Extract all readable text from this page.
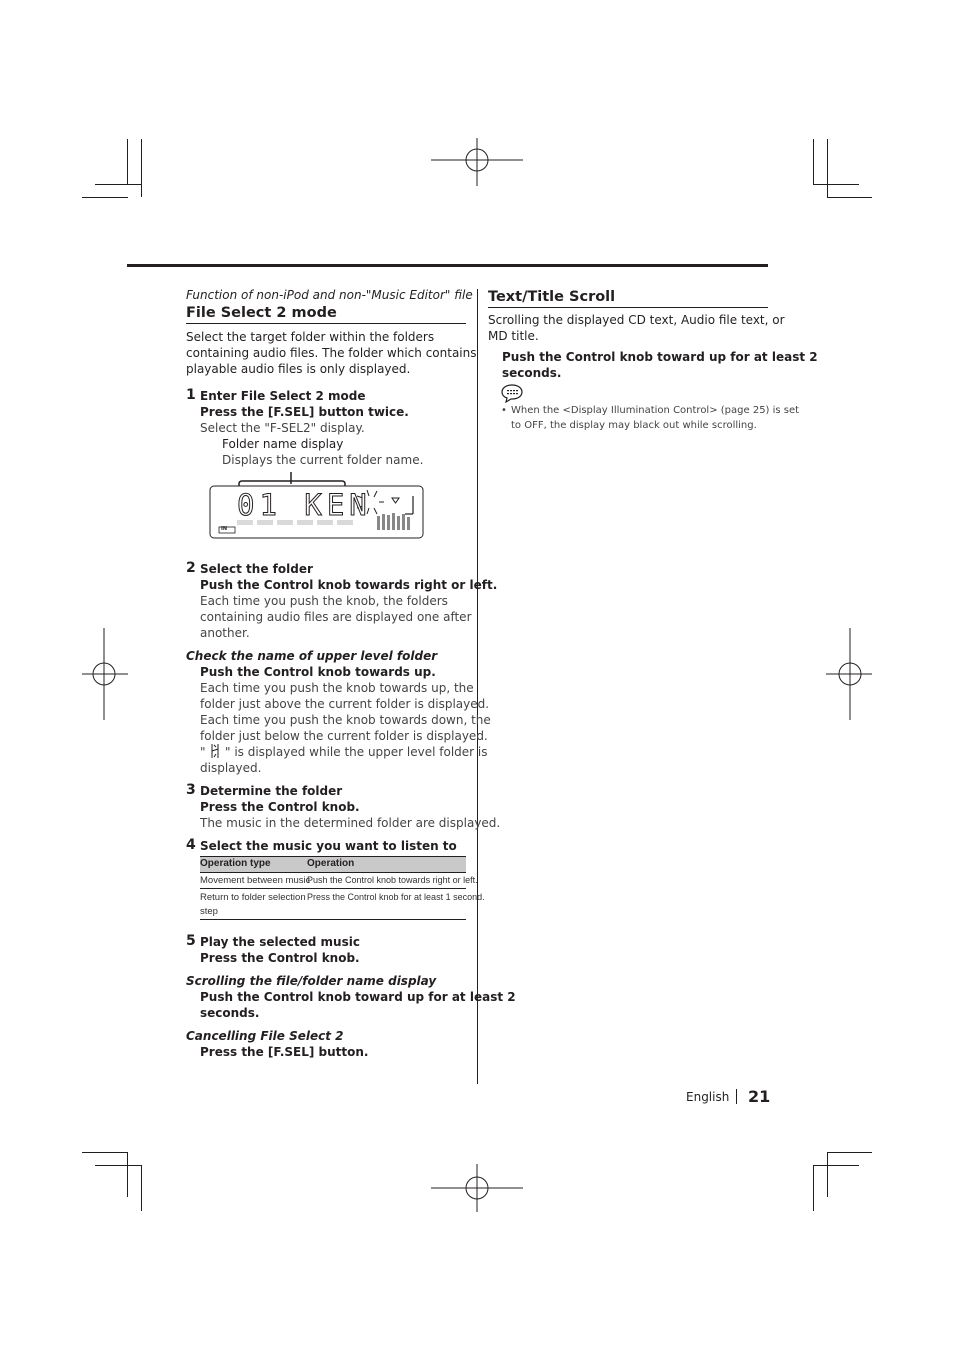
Function of non-iPod and non-"Music Editor" file
File Select 2 mode
Select the target folder within the folders
containing audio files. The folder which contains
playable audio files is only displayed.
1 Enter File Select 2 mode
Press the [F.SEL] button twice.
Select the "F-SEL2" display.
Folder name display
Displays the current folder name.
01 KEN
IN
2 Select the folder
Push the Control knob towards right or left.
Each time you push the knob, the folders
containing audio files are displayed one after
another.
Check the name of upper level folder
Push the Control knob towards up.
Each time you push the knob towards up, the
folder just above the current folder is displayed.
Each time you push the knob towards down, the
folder just below the current folder is displayed.
" " is displayed while the upper level folder is
displayed.
3 Determine the folder
Press the Control knob.
The music in the determined folder are displayed.
4 Select the music you want to listen to
Operation type	Operation
Movement between music
Push the Control knob towards right or left.
Return to folder selection
step
Press the Control knob for at least 1 second.
5 Play the selected music
Press the Control knob.
Scrolling the file/folder name display
Push the Control knob toward up for at least 2
seconds.
Cancelling File Select 2
Press the [F.SEL] button.
Text/Title Scroll
Scrolling the displayed CD text, Audio file text, or
MD title.
Push the Control knob toward up for at least 2
seconds.
• When the <Display Illumination Control> (page 25) is set
to OFF, the display may black out while scrolling.
English 21
